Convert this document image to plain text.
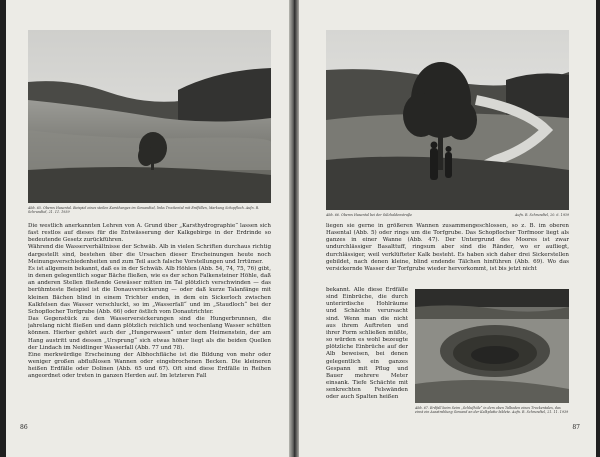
Abb. 65. Oberes Hasental. Beispiel eines steilen Karsthanges im Gewandtal, links Trockental mit Erdfällen, Markung Schopfloch. Aufn. R. Schrundtel, 21. 11. 1939
Die westlich anerkannten Lehren von A. Grund über „Karsthydrographie“ lassen sich fast restlos auf dieses für die Entwässerung der Kalkgebirge in der Erdrinde so bedeutende Gesetz zurückführen.
Während die Wasserverhältnisse der Schwäb. Alb in vielen Schriften durchaus richtig dargestellt sind, bestehen über die Ursachen dieser Erscheinungen heute noch Meinungsverschiedenheiten und zum Teil auch falsche Vorstellungen und Irrtümer.
Es ist allgemein bekannt, daß es in der Schwäb. Alb Höhlen (Abb. 54, 74, 75, 76) gibt, in denen gelegentlich sogar Bäche fließen, wie es der schon Falkensteiner Höhle, daß an anderen Stellen fließende Gewässer mitten im Tal plötzlich verschwinden — das berühmteste Beispiel ist die Donauversickerung — oder daß kurze Talanfänge mit kleinen Bächen blind in einem Trichter enden, in dem ein Sickerloch zwischen Kalkfelsen das Wasser verschluckt, so im „Wasserfall“ und im „Staudloch“ bei der Schopflocher Torfgrube (Abb. 66) oder östlich vom Donautrichter.
Das Gegenstück zu den Wasserversickerungen sind die Hungerbrunnen, die jahrelang nicht fließen und dann plötzlich reichlich und wochenlang Wasser schütten können. Hierher gehört auch der „Hungerwasen“ unter dem Heimenstein, der am Hang austritt und dessen „Ursprung“ sich etwas höher liegt als die beiden Quellen der Lindach im Neidlinger Wasserfall (Abb. 77 und 78).
Eine merkwürdige Erscheinung der Albhochfläche ist die Bildung von mehr oder weniger großen abflußlosen Wannen oder eingebrochenen Becken. Die kleineren heißen Erdfälle oder Dolinen (Abb. 65 und 67). Oft sind diese Erdfälle in Reihen angeordnet oder treten in ganzen Herden auf. Im letzteren Fall
86
Abb. 66. Oberes Hasental bei der Sülzhaldenstraße	Aufn. R. Schrundtel, 20. 6. 1939
liegen sie gerne in größeren Wannen zusammengeschlossen, so z. B. im oberen Hasental (Abb. 5) oder rings um die Torfgrube. Das Schopflocher Torfmoor liegt als ganzes in einer Wanne (Abb. 47). Der Untergrund des Moores ist zwar undurchlässiger Basalttuff, ringsum aber sind die Ränder, wo er aufliegt, durchlässiger, weil verklüfteter Kalk besteht. Es haben sich daher drei Sickerstellen gebildet, nach denen kleine, blind endende Tälchen hinführen (Abb. 69). Wo das versickernde Wasser der Torfgrube wieder hervorkommt, ist bis jetzt nicht
bekannt. Alle diese Erdfälle sind Einbrüche, die durch unterirdische Hohlräume und Schächte verursacht sind. Wenn man die nicht aus ihrem Auftreten und ihrer Form schließen müßte, so würden es wohl bezeugte plötzliche Einbrüche auf der Alb beweisen, bei denen gelegentlich ein ganzes Gespann mit Pflug und Bauer mehrere Meter einsank. Tiefe Schächte mit senkrechten Felswänden oder auch Spalten heißen
Abb. 67. Erdfall beim Seim „Schlufhöle“ in dem oben Talboden eines Trockentales, das einst ein Ausstrahlung Gewand an der Kalkplatte bildete. Aufn. R. Schrundtel, 21. 11. 1939
87
